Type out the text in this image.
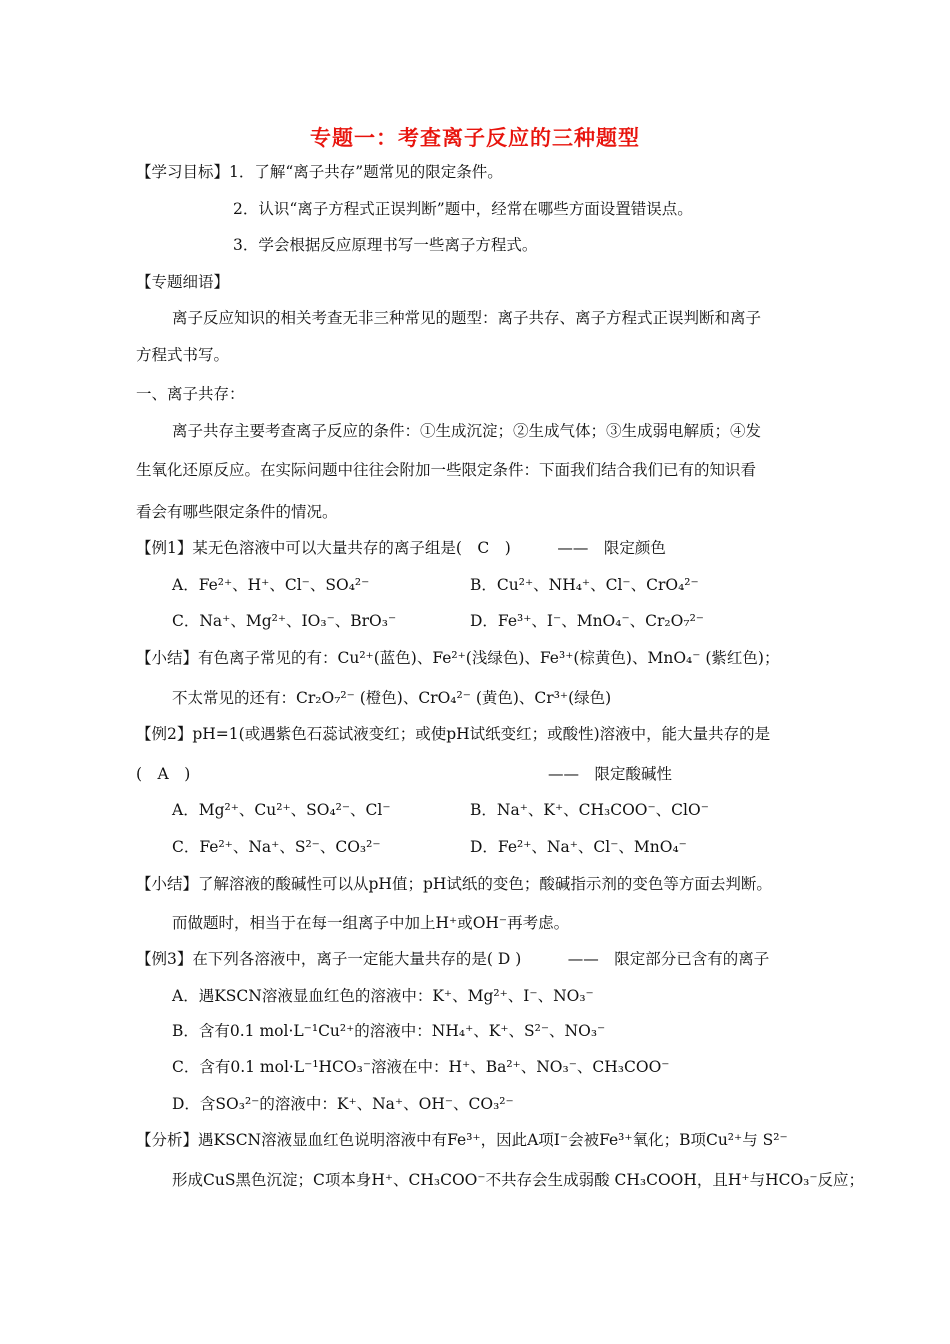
专题一：考查离子反应的三种题型
【学习目标】1．了解“离子共存”题常见的限定条件。
2．认识“离子方程式正误判断”题中，经常在哪些方面设置错误点。
3．学会根据反应原理书写一些离子方程式。
【专题细语】
离子反应知识的相关考查无非三种常见的题型：离子共存、离子方程式正误判断和离子
方程式书写。
一、离子共存：
离子共存主要考查离子反应的条件：①生成沉淀；②生成气体；③生成弱电解质；④发
生氧化还原反应。在实际问题中往往会附加一些限定条件：下面我们结合我们已有的知识看
看会有哪些限定条件的情况。
【例1】某无色溶液中可以大量共存的离子组是(　C　)　　　——　限定颜色
A．Fe²⁺、H⁺、Cl⁻、SO₄²⁻	B．Cu²⁺、NH₄⁺、Cl⁻、CrO₄²⁻
C．Na⁺、Mg²⁺、IO₃⁻、BrO₃⁻	D．Fe³⁺、I⁻、MnO₄⁻、Cr₂O₇²⁻
【小结】有色离子常见的有：Cu²⁺(蓝色)、Fe²⁺(浅绿色)、Fe³⁺(棕黄色)、MnO₄⁻ (紫红色)；
不太常见的还有：Cr₂O₇²⁻ (橙色)、CrO₄²⁻ (黄色)、Cr³⁺(绿色)
【例2】pH=1(或遇紫色石蕊试液变红；或使pH试纸变红；或酸性)溶液中，能大量共存的是
(　A　)	——　限定酸碱性
A．Mg²⁺、Cu²⁺、SO₄²⁻、Cl⁻	B．Na⁺、K⁺、CH₃COO⁻、ClO⁻
C．Fe²⁺、Na⁺、S²⁻、CO₃²⁻	D．Fe²⁺、Na⁺、Cl⁻、MnO₄⁻
【小结】了解溶液的酸碱性可以从pH值；pH试纸的变色；酸碱指示剂的变色等方面去判断。
而做题时，相当于在每一组离子中加上H⁺或OH⁻再考虑。
【例3】在下列各溶液中，离子一定能大量共存的是( D )　　　——　限定部分已含有的离子
A．遇KSCN溶液显血红色的溶液中：K⁺、Mg²⁺、I⁻、NO₃⁻
B．含有0.1 mol·L⁻¹Cu²⁺的溶液中：NH₄⁺、K⁺、S²⁻、NO₃⁻
C．含有0.1 mol·L⁻¹HCO₃⁻溶液在中：H⁺、Ba²⁺、NO₃⁻、CH₃COO⁻
D．含SO₃²⁻的溶液中：K⁺、Na⁺、OH⁻、CO₃²⁻
【分析】遇KSCN溶液显血红色说明溶液中有Fe³⁺，因此A项I⁻会被Fe³⁺氧化；B项Cu²⁺与 S²⁻
形成CuS黑色沉淀；C项本身H⁺、CH₃COO⁻不共存会生成弱酸 CH₃COOH，且H⁺与HCO₃⁻反应；
